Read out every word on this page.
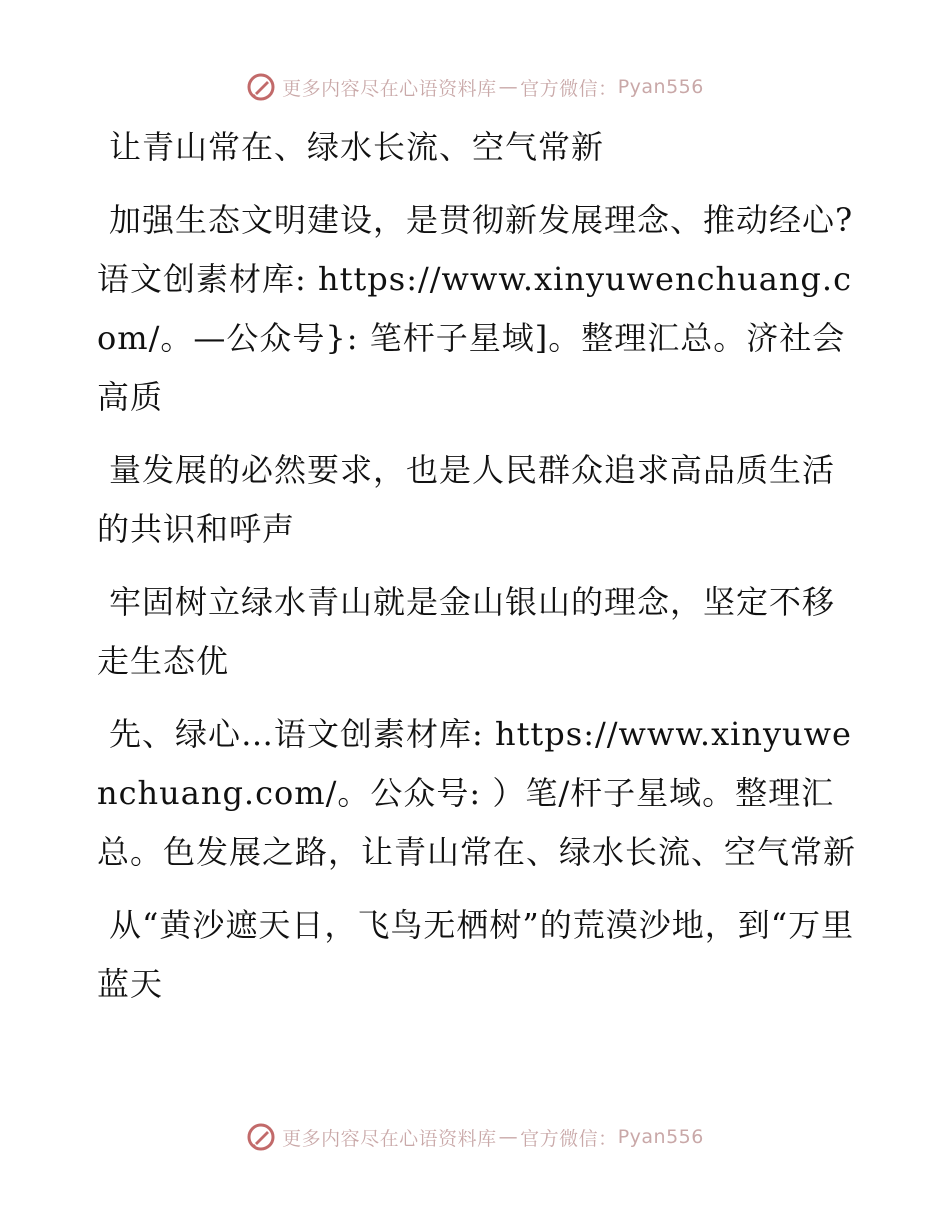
更多内容尽在心语资料库 — 官方微信： Pyan556

让青山常在、绿水长流、空气常新

加强生态文明建设，是贯彻新发展理念、推动经心?语文创素材库: https://www.xinyuwenchuang.com/。—公众号}: 笔杆子星域]。整理汇总。济社会高质

量发展的必然要求，也是人民群众追求高品质生活的共识和呼声

牢固树立绿水青山就是金山银山的理念，坚定不移走生态优

先、绿心…语文创素材库: https://www.xinyuwenchuang.com/。公众号: ）笔/杆子星域。整理汇总。色发展之路，让青山常在、绿水长流、空气常新

从“黄沙遮天日，飞鸟无栖树”的荒漠沙地，到“万里蓝天

更多内容尽在心语资料库 — 官方微信： Pyan556
